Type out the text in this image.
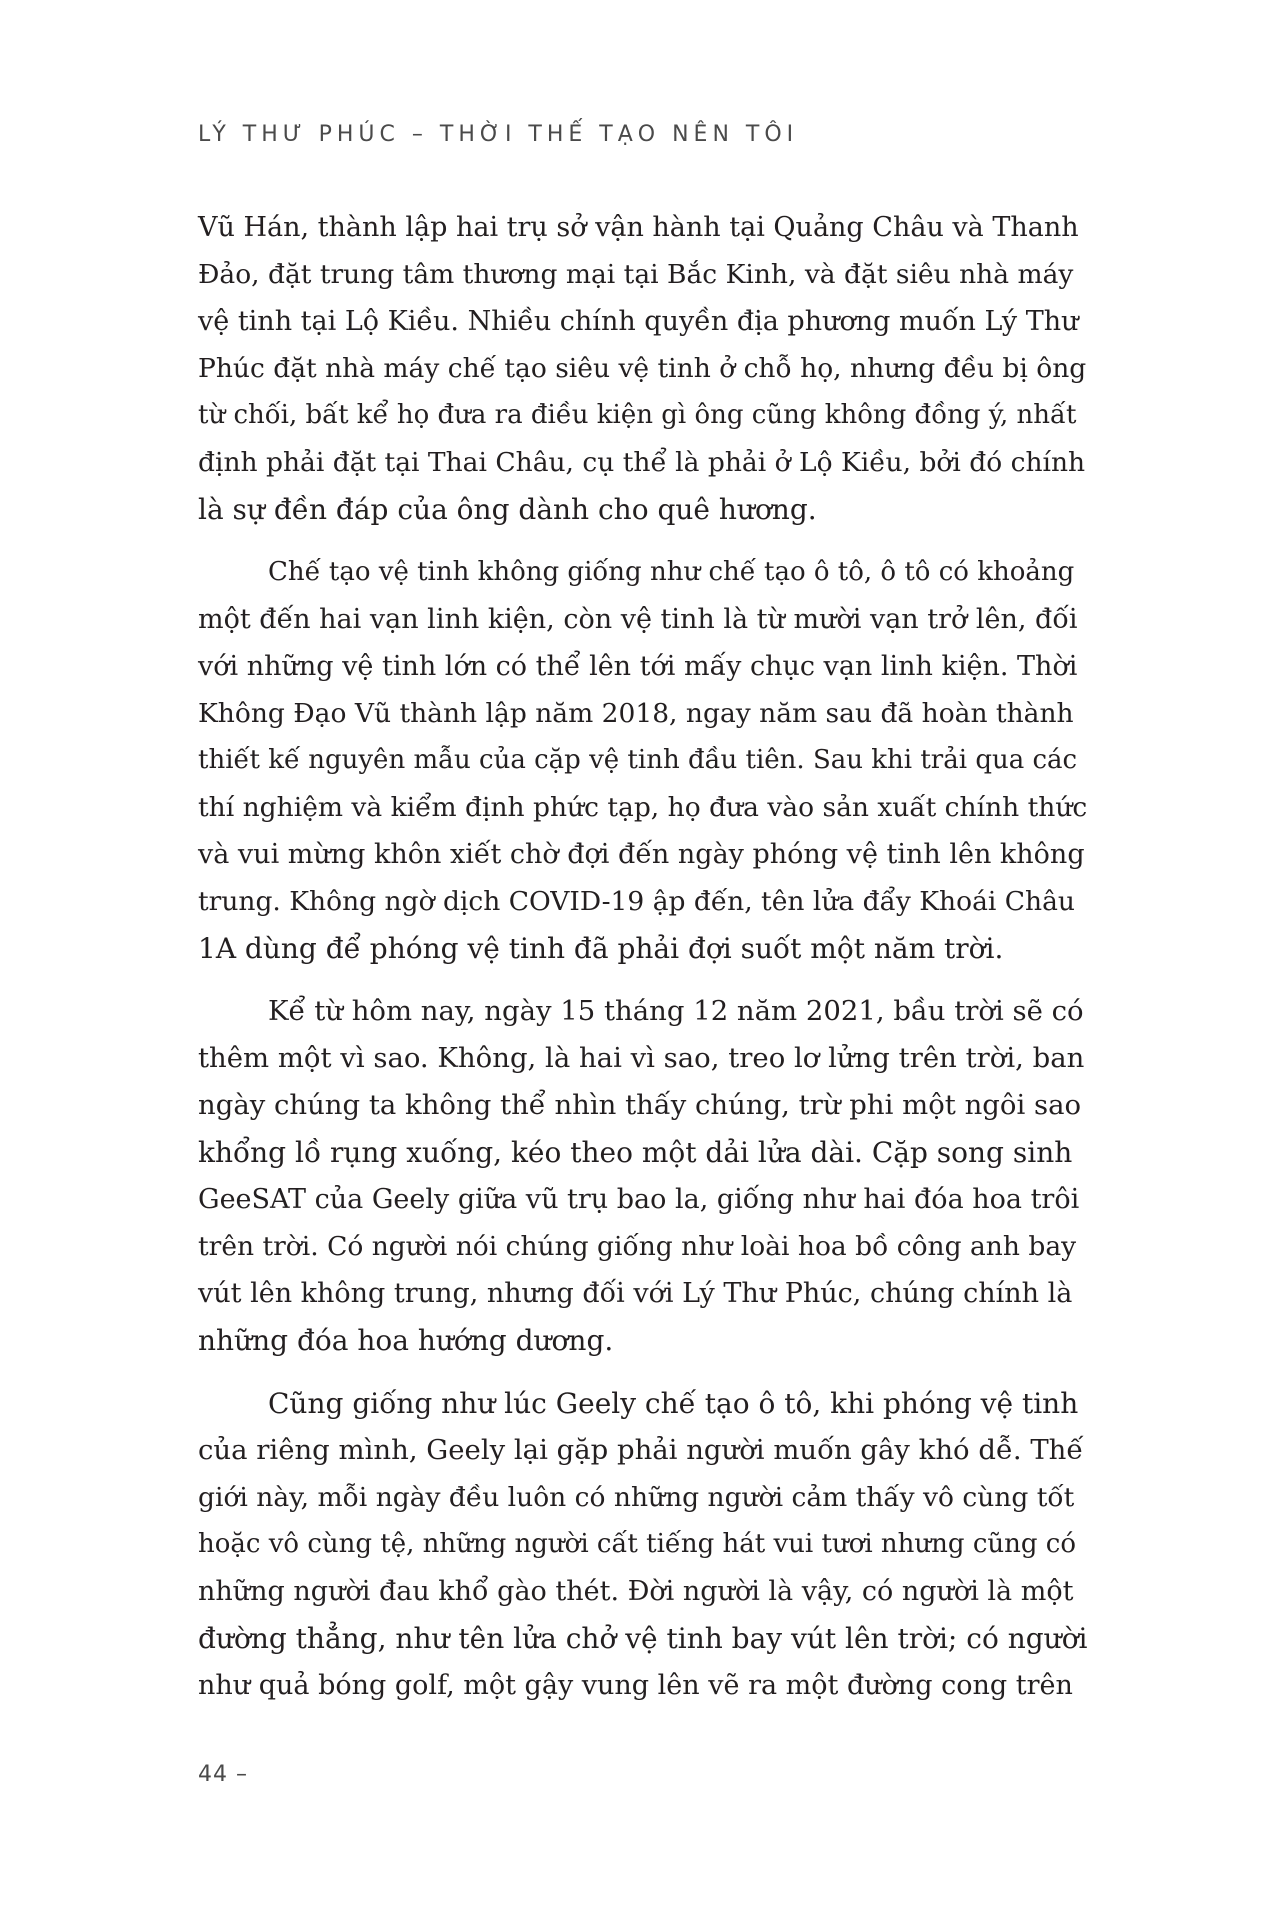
LÝ THƯ PHÚC – THỜI THẾ TẠO NÊN TÔI
Vũ Hán, thành lập hai trụ sở vận hành tại Quảng Châu và Thanh
Đảo, đặt trung tâm thương mại tại Bắc Kinh, và đặt siêu nhà máy
vệ tinh tại Lộ Kiều. Nhiều chính quyền địa phương muốn Lý Thư
Phúc đặt nhà máy chế tạo siêu vệ tinh ở chỗ họ, nhưng đều bị ông
từ chối, bất kể họ đưa ra điều kiện gì ông cũng không đồng ý, nhất
định phải đặt tại Thai Châu, cụ thể là phải ở Lộ Kiều, bởi đó chính
là sự đền đáp của ông dành cho quê hương.
Chế tạo vệ tinh không giống như chế tạo ô tô, ô tô có khoảng
một đến hai vạn linh kiện, còn vệ tinh là từ mười vạn trở lên, đối
với những vệ tinh lớn có thể lên tới mấy chục vạn linh kiện. Thời
Không Đạo Vũ thành lập năm 2018, ngay năm sau đã hoàn thành
thiết kế nguyên mẫu của cặp vệ tinh đầu tiên. Sau khi trải qua các
thí nghiệm và kiểm định phức tạp, họ đưa vào sản xuất chính thức
và vui mừng khôn xiết chờ đợi đến ngày phóng vệ tinh lên không
trung. Không ngờ dịch COVID-19 ập đến, tên lửa đẩy Khoái Châu
1A dùng để phóng vệ tinh đã phải đợi suốt một năm trời.
Kể từ hôm nay, ngày 15 tháng 12 năm 2021, bầu trời sẽ có
thêm một vì sao. Không, là hai vì sao, treo lơ lửng trên trời, ban
ngày chúng ta không thể nhìn thấy chúng, trừ phi một ngôi sao
khổng lồ rụng xuống, kéo theo một dải lửa dài. Cặp song sinh
GeeSAT của Geely giữa vũ trụ bao la, giống như hai đóa hoa trôi
trên trời. Có người nói chúng giống như loài hoa bồ công anh bay
vút lên không trung, nhưng đối với Lý Thư Phúc, chúng chính là
những đóa hoa hướng dương.
Cũng giống như lúc Geely chế tạo ô tô, khi phóng vệ tinh
của riêng mình, Geely lại gặp phải người muốn gây khó dễ. Thế
giới này, mỗi ngày đều luôn có những người cảm thấy vô cùng tốt
hoặc vô cùng tệ, những người cất tiếng hát vui tươi nhưng cũng có
những người đau khổ gào thét. Đời người là vậy, có người là một
đường thẳng, như tên lửa chở vệ tinh bay vút lên trời; có người
như quả bóng golf, một gậy vung lên vẽ ra một đường cong trên
44 –
